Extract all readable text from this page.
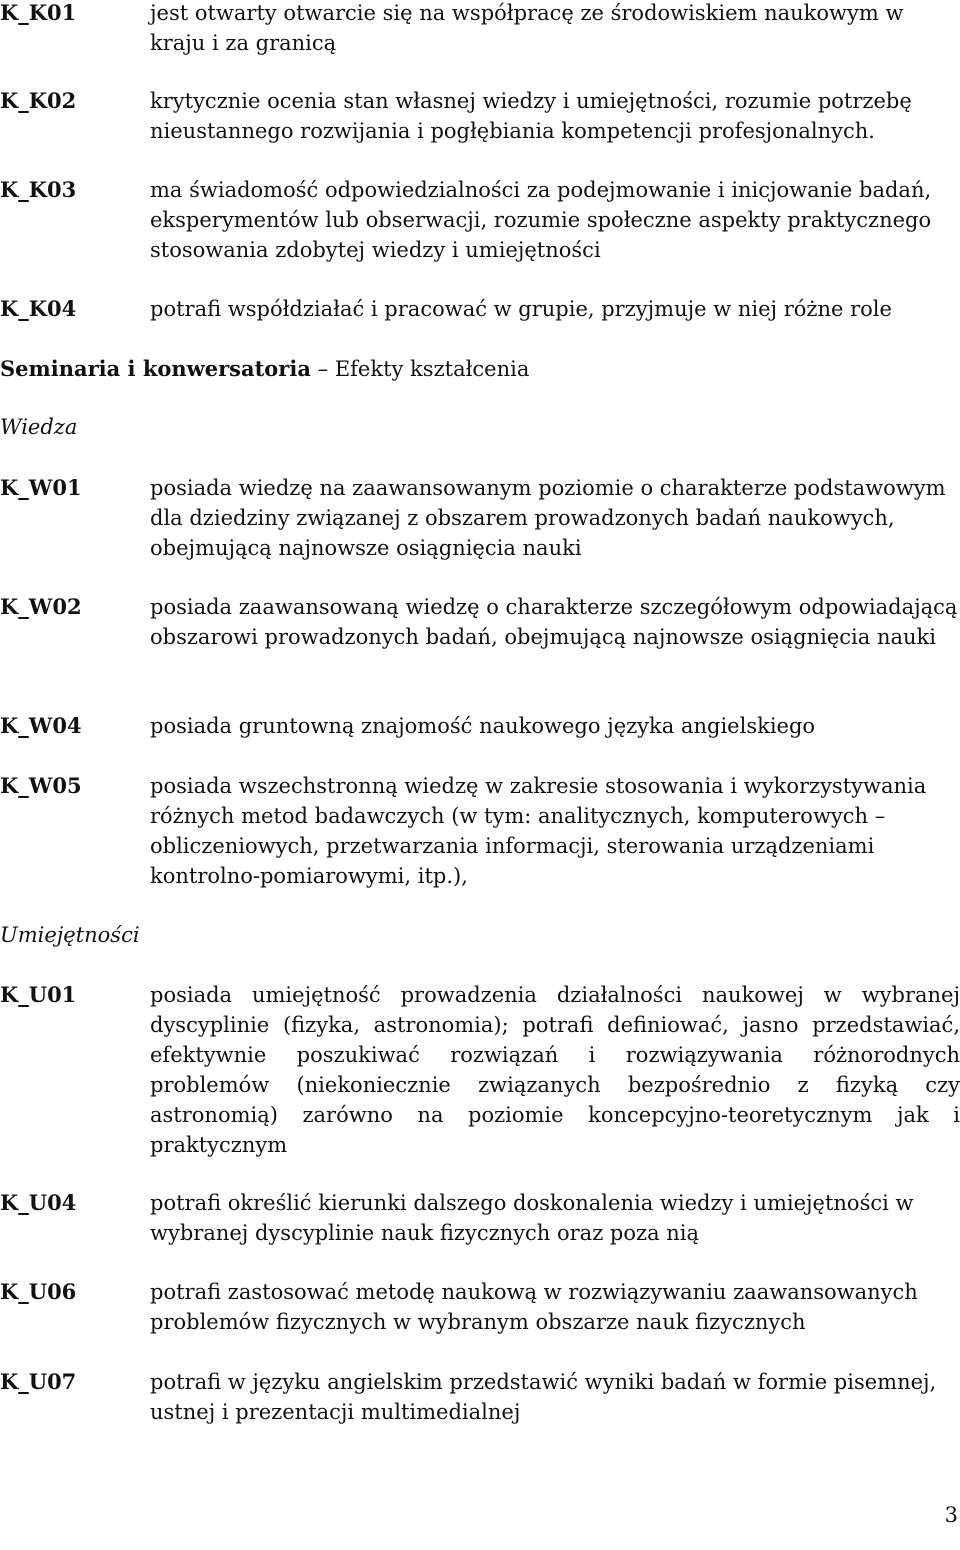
K_K01	jest otwarty otwarcie się na współpracę ze środowiskiem naukowym w kraju i za granicą
K_K02	krytycznie ocenia stan własnej wiedzy i umiejętności, rozumie potrzebę nieustannego rozwijania i pogłębiania kompetencji profesjonalnych.
K_K03	ma świadomość odpowiedzialności za podejmowanie i inicjowanie badań, eksperymentów lub obserwacji, rozumie społeczne aspekty praktycznego stosowania zdobytej wiedzy i umiejętności
K_K04	potrafi współdziałać i pracować w grupie, przyjmuje w niej różne role
Seminaria i konwersatoria – Efekty kształcenia
Wiedza
K_W01	posiada wiedzę na zaawansowanym poziomie o charakterze podstawowym dla dziedziny związanej z obszarem prowadzonych badań naukowych, obejmującą najnowsze osiągnięcia nauki
K_W02	posiada zaawansowaną wiedzę o charakterze szczegółowym odpowiadającą obszarowi prowadzonych badań, obejmującą najnowsze osiągnięcia nauki
K_W04	posiada gruntowną znajomość naukowego języka angielskiego
K_W05	posiada wszechstronną wiedzę w zakresie stosowania i wykorzystywania różnych metod badawczych (w tym: analitycznych, komputerowych – obliczeniowych, przetwarzania informacji, sterowania urządzeniami kontrolno-pomiarowymi, itp.),
Umiejętności
K_U01	posiada umiejętność prowadzenia działalności naukowej w wybranej dyscyplinie (fizyka, astronomia); potrafi definiować, jasno przedstawiać, efektywnie poszukiwać rozwiązań i rozwiązywania różnorodnych problemów (niekoniecznie związanych bezpośrednio z fizyką czy astronomią) zarówno na poziomie koncepcyjno-teoretycznym jak i praktycznym
K_U04	potrafi określić kierunki dalszego doskonalenia wiedzy i umiejętności w wybranej dyscyplinie nauk fizycznych oraz poza nią
K_U06	potrafi zastosować metodę naukową w rozwiązywaniu zaawansowanych problemów fizycznych w wybranym obszarze nauk fizycznych
K_U07	potrafi w języku angielskim przedstawić wyniki badań w formie pisemnej, ustnej i prezentacji multimedialnej
3
